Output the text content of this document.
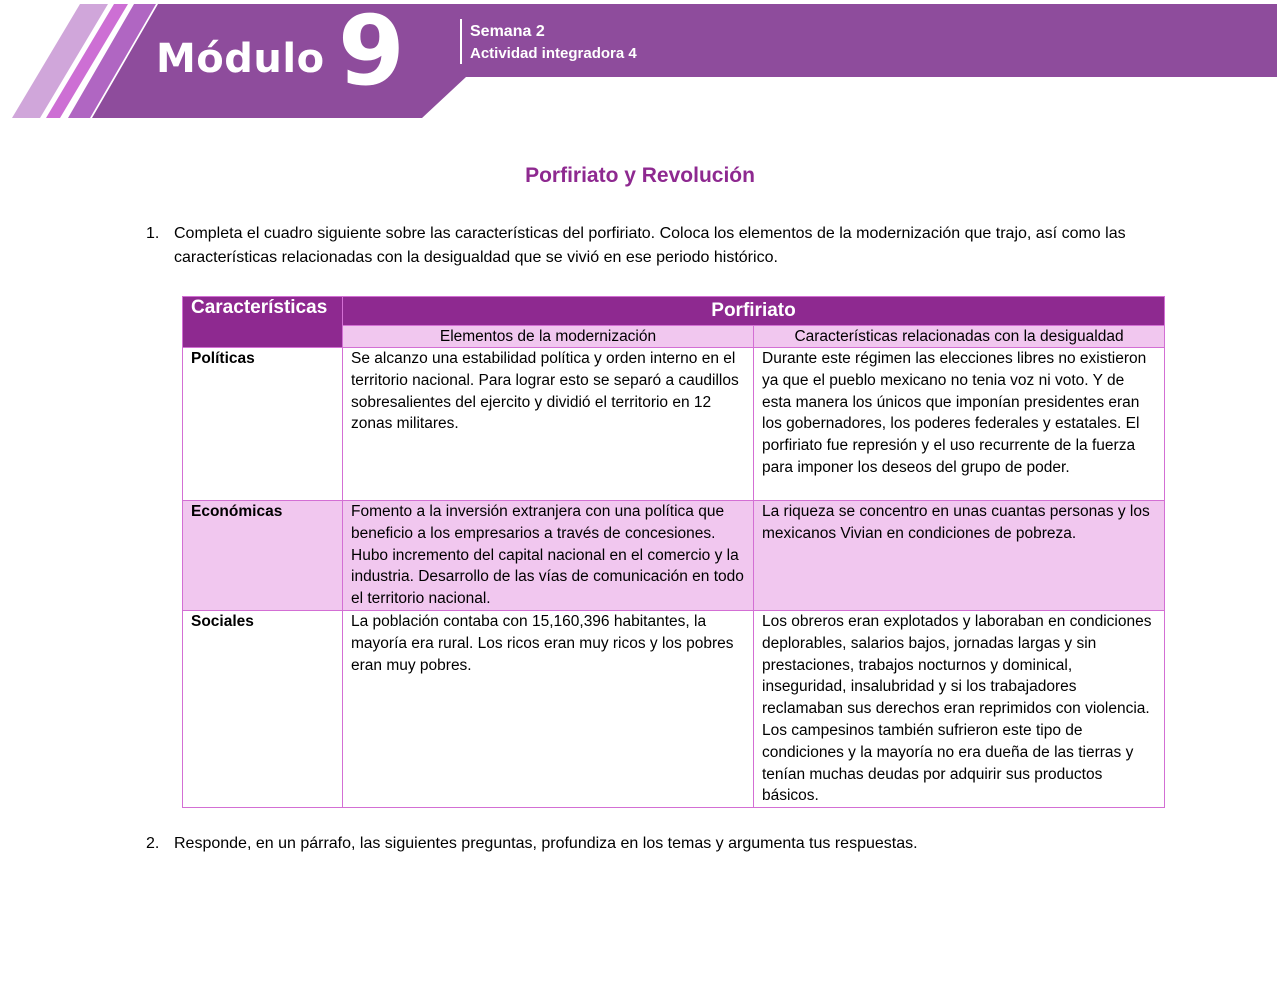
Módulo 9	Semana 2
Actividad integradora 4
Porfiriato y Revolución
1. Completa el cuadro siguiente sobre las características del porfiriato. Coloca los elementos de la modernización que trajo, así como las características relacionadas con la desigualdad que se vivió en ese periodo histórico.
Características	Porfiriato	
	Elementos de la modernización	Características relacionadas con la desigualdad
Políticas	Se alcanzo una estabilidad política y orden interno en el territorio nacional. Para lograr esto se separó a caudillos sobresalientes del ejercito y dividió el territorio en 12 zonas militares.	Durante este régimen las elecciones libres no existieron ya que el pueblo mexicano no tenia voz ni voto. Y de esta manera los únicos que imponían presidentes eran los gobernadores, los poderes federales y estatales. El porfiriato fue represión y el uso recurrente de la fuerza para imponer los deseos del grupo de poder.
Económicas	Fomento a la inversión extranjera con una política que beneficio a los empresarios a través de concesiones. Hubo incremento del capital nacional en el comercio y la industria. Desarrollo de las vías de comunicación en todo el territorio nacional.	La riqueza se concentro en unas cuantas personas y los mexicanos Vivian en condiciones de pobreza.
Sociales	La población contaba con 15,160,396 habitantes, la mayoría era rural. Los ricos eran muy ricos y los pobres eran muy pobres.	Los obreros eran explotados y laboraban en condiciones deplorables, salarios bajos, jornadas largas y sin prestaciones, trabajos nocturnos y dominical, inseguridad, insalubridad y si los trabajadores reclamaban sus derechos eran reprimidos con violencia. Los campesinos también sufrieron este tipo de condiciones y la mayoría no era dueña de las tierras y tenían muchas deudas por adquirir sus productos básicos.
2. Responde, en un párrafo, las siguientes preguntas, profundiza en los temas y argumenta tus respuestas.
